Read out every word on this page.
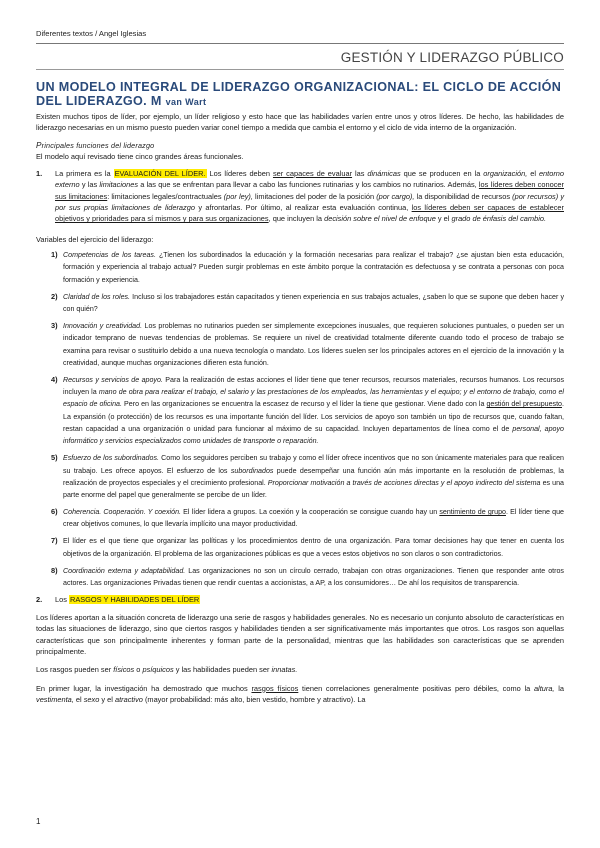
Diferentes textos / Angel Iglesias
GESTIÓN Y LIDERAZGO PÚBLICO
UN MODELO INTEGRAL DE LIDERAZGO ORGANIZACIONAL: EL CICLO DE ACCIÓN DEL LIDERAZGO. M van Wart

Existen muchos tipos de líder, por ejemplo, un líder religioso y esto hace que las habilidades varíen entre unos y otros líderes. De hecho, las habilidades de liderazgo necesarias en un mismo puesto pueden variar conel tiempo a medida que cambia el entorno y el ciclo de vida interno de la organización.

Principales funciones del liderazgo

El modelo aquí revisado tiene cinco grandes áreas funcionales.

1. La primera es la EVALUACIÓN DEL LÍDER. Los líderes deben ser capaces de evaluar las dinámicas que se producen en la organización, el entorno externo y las limitaciones a las que se enfrentan para llevar a cabo las funciones rutinarias y los cambios no rutinarios. Además, los líderes deben conocer sus limitaciones: limitaciones legales/contractuales (por ley), limitaciones del poder de la posición (por cargo), la disponibilidad de recursos (por recursos) y por sus propias limitaciones de liderazgo y afrontarlas. Por último, al realizar esta evaluación continua, los líderes deben ser capaces de establecer objetivos y prioridades para sí mismos y para sus organizaciones, que incluyen la decisión sobre el nivel de enfoque y el grado de énfasis del cambio.

Variables del ejercicio del liderazgo:

1) Competencias de los tareas. ¿Tienen los subordinados la educación y la formación necesarias para realizar el trabajo? ¿se ajustan bien esta educación, formación y experiencia al trabajo actual? Pueden surgir problemas en este ámbito porque la contratación es defectuosa y se contrata a personas con poca formación y experiencia.
2) Claridad de los roles. Incluso si los trabajadores están capacitados y tienen experiencia en sus trabajos actuales, ¿saben lo que se supone que deben hacer y con quién?
3) Innovación y creatividad. Los problemas no rutinarios pueden ser simplemente excepciones inusuales, que requieren soluciones puntuales, o pueden ser un indicador temprano de nuevas tendencias de problemas. Se requiere un nivel de creatividad totalmente diferente cuando todo el proceso de trabajo se examina para revisar o sustituirlo debido a una nueva tecnología o mandato. Los líderes suelen ser los principales actores en el ejercicio de la innovación y la creatividad, aunque muchas organizaciones difieren esta función.
4) Recursos y servicios de apoyo. Para la realización de estas acciones el líder tiene que tener recursos, recursos materiales, recursos humanos. Los recursos incluyen la mano de obra para realizar el trabajo, el salario y las prestaciones de los empleados, las herramientas y el equipo; y el entorno de trabajo, como el espacio de oficina. Pero en las organizaciones se encuentra la escasez de recurso y el líder la tiene que gestionar. Viene dado con la gestión del presupuesto. La expansión (o protección) de los recursos es una importante función del líder. Los servicios de apoyo son también un tipo de recursos que, cuando faltan, restan capacidad a una organización o unidad para funcionar al máximo de su capacidad. Incluyen departamentos de línea como el de personal, apoyo informático y servicios especializados como unidades de transporte o reparación.
5) Esfuerzo de los subordinados. Como los seguidores perciben su trabajo y como el líder ofrece incentivos que no son únicamente materiales para que realicen su trabajo. Les ofrece apoyos. El esfuerzo de los subordinados puede desempeñar una función aún más importante en la resolución de problemas, la realización de proyectos especiales y el crecimiento profesional. Proporcionar motivación a través de acciones directas y el apoyo indirecto del sistema es una parte enorme del papel que generalmente se percibe de un líder.
6) Coherencia. Cooperación. Y coexión. El líder lidera a grupos. La coexión y la cooperación se consigue cuando hay un sentimiento de grupo. El líder tiene que crear objetivos comunes, lo que llevaría implícito una mayor productividad.
7) El líder es el que tiene que organizar las políticas y los procedimientos dentro de una organización. Para tomar decisiones hay que tener en cuenta los objetivos de la organización. El problema de las organizaciones públicas es que a veces estos objetivos no son claros o son contradictorios.
8) Coordinación externa y adaptabilidad. Las organizaciones no son un círculo cerrado, trabajan con otras organizaciones. Tienen que responder ante otros actores. Las organizaciones Privadas tienen que rendir cuentas a accionistas, a AP, a los consumidores… De ahí los requisitos de transparencia.
2. Los RASGOS Y HABILIDADES DEL LÍDER

Los líderes aportan a la situación concreta de liderazgo una serie de rasgos y habilidades generales. No es necesario un conjunto absoluto de características en todas las situaciones de liderazgo, sino que ciertos rasgos y habilidades tienden a ser significativamente más importantes que otros. Los rasgos son aquellas características que son principalmente inherentes y forman parte de la personalidad, mientras que las habilidades son características que se aprenden principalmente.

Los rasgos pueden ser físicos o psíquicos y las habilidades pueden ser innatas.

En primer lugar, la investigación ha demostrado que muchos rasgos físicos tienen correlaciones generalmente positivas pero débiles, como la altura, la vestimenta, el sexo y el atractivo (mayor probabilidad: más alto, bien vestido, hombre y atractivo). La

1
